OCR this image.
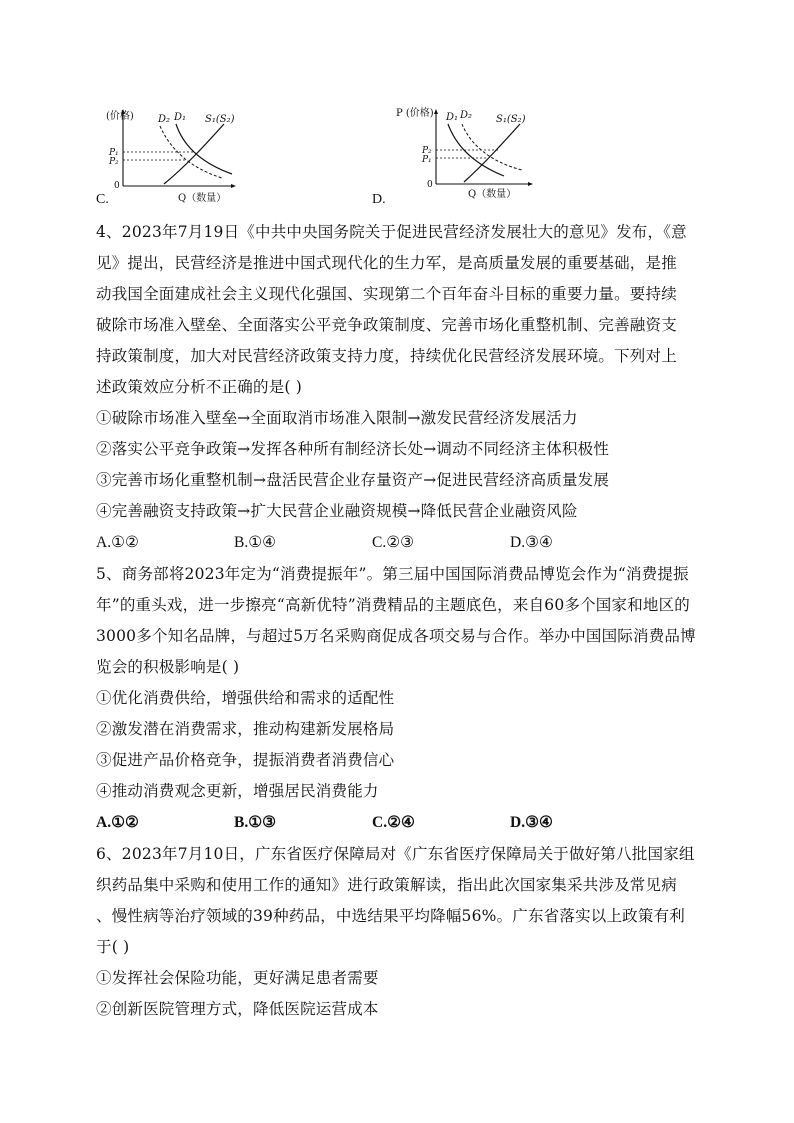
(价格) D₂ D₁ S₁(S₂)
P₁
P₂
0
Q（数量）
C.
P (价格) D₁ D₂ S₁(S₂)
P₂
P₁
0
Q（数量）
D.
4、2023年7月19日《中共中央国务院关于促进民营经济发展壮大的意见》发布，《意
见》提出，民营经济是推进中国式现代化的生力军，是高质量发展的重要基础，是推
动我国全面建成社会主义现代化强国、实现第二个百年奋斗目标的重要力量。要持续
破除市场准入壁垒、全面落实公平竞争政策制度、完善市场化重整机制、完善融资支
持政策制度，加大对民营经济政策支持力度，持续优化民营经济发展环境。下列对上
述政策效应分析不正确的是( )
①破除市场准入壁垒→全面取消市场准入限制→激发民营经济发展活力
②落实公平竞争政策→发挥各种所有制经济长处→调动不同经济主体积极性
③完善市场化重整机制→盘活民营企业存量资产→促进民营经济高质量发展
④完善融资支持政策→扩大民营企业融资规模→降低民营企业融资风险
A.①②	B.①④	C.②③	D.③④
5、商务部将2023年定为“消费提振年”。第三届中国国际消费品博览会作为“消费提振
年”的重头戏，进一步擦亮“高新优特”消费精品的主题底色，来自60多个国家和地区的
3000多个知名品牌，与超过5万名采购商促成各项交易与合作。举办中国国际消费品博
览会的积极影响是( )
①优化消费供给，增强供给和需求的适配性
②激发潜在消费需求，推动构建新发展格局
③促进产品价格竞争，提振消费者消费信心
④推动消费观念更新，增强居民消费能力
A.①②	B.①③	C.②④	D.③④
6、2023年7月10日，广东省医疗保障局对《广东省医疗保障局关于做好第八批国家组
织药品集中采购和使用工作的通知》进行政策解读，指出此次国家集采共涉及常见病
、慢性病等治疗领域的39种药品，中选结果平均降幅56%。广东省落实以上政策有利
于( )
①发挥社会保险功能，更好满足患者需要
②创新医院管理方式，降低医院运营成本
